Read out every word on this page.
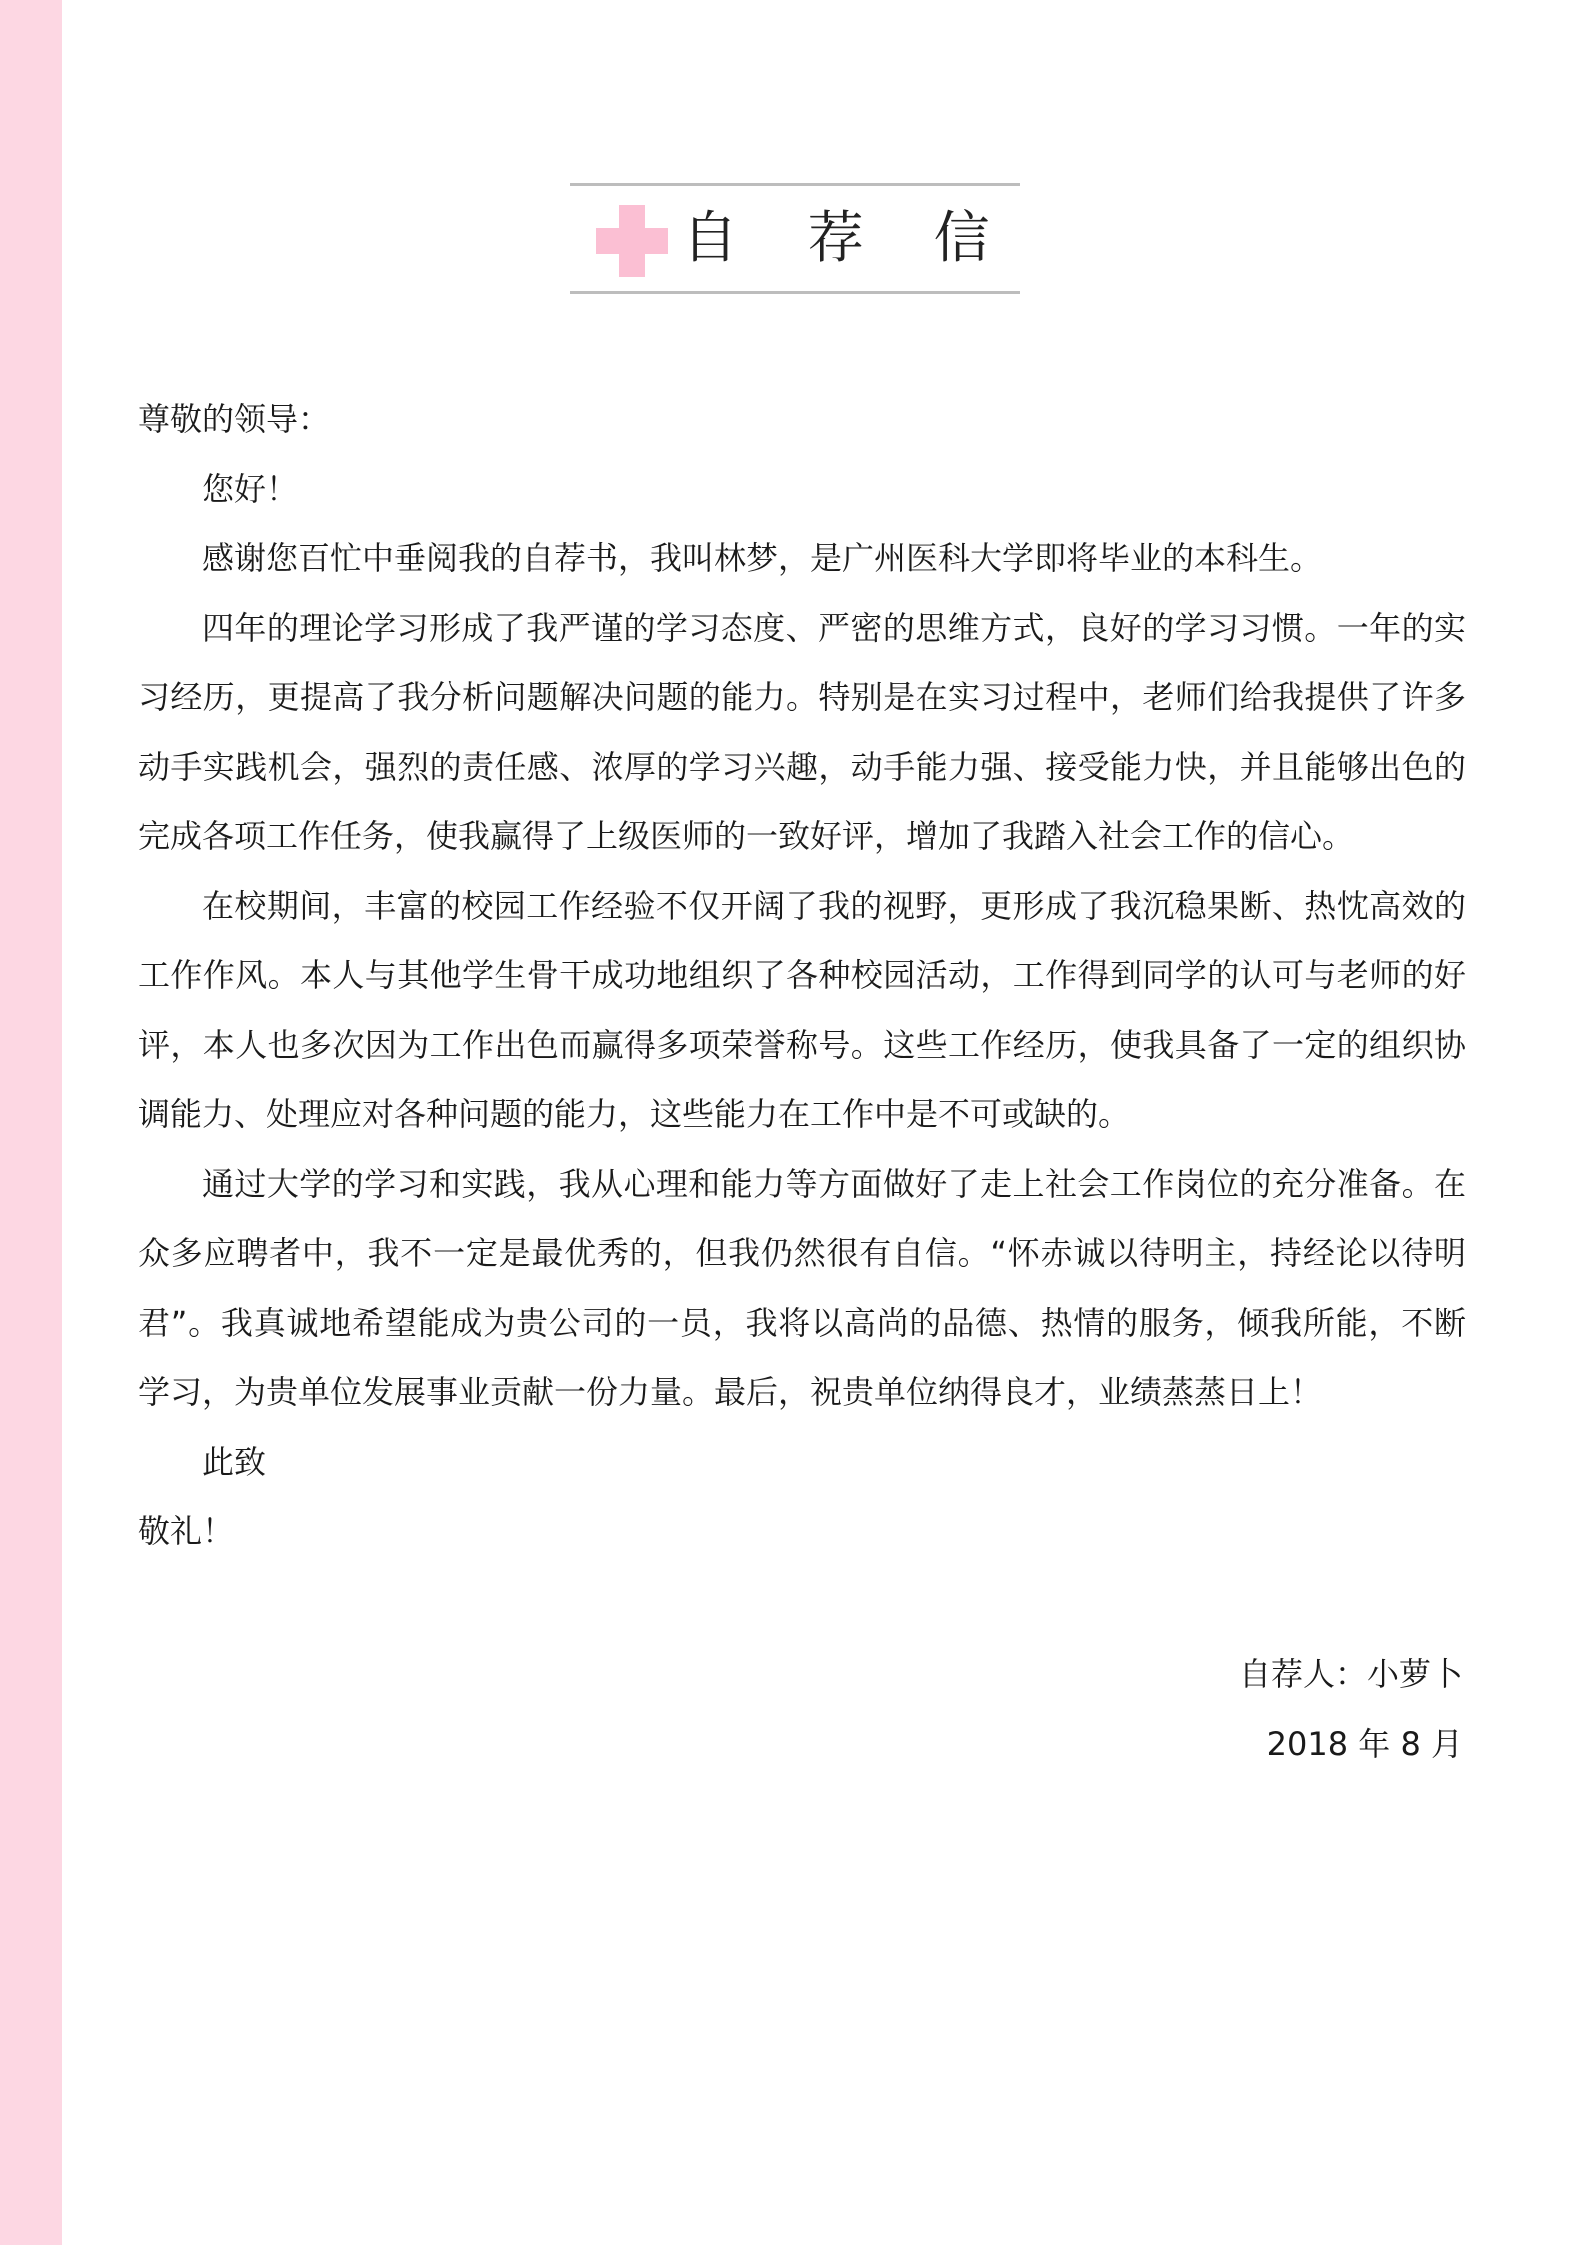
自 荐 信

尊敬的领导：

您好！

感谢您百忙中垂阅我的自荐书，我叫林梦，是广州医科大学即将毕业的本科生。

四年的理论学习形成了我严谨的学习态度、严密的思维方式，良好的学习习惯。一年的实习经历，更提高了我分析问题解决问题的能力。特别是在实习过程中，老师们给我提供了许多动手实践机会，强烈的责任感、浓厚的学习兴趣，动手能力强、接受能力快，并且能够出色的完成各项工作任务，使我赢得了上级医师的一致好评，增加了我踏入社会工作的信心。

在校期间，丰富的校园工作经验不仅开阔了我的视野，更形成了我沉稳果断、热忱高效的工作作风。本人与其他学生骨干成功地组织了各种校园活动，工作得到同学的认可与老师的好评，本人也多次因为工作出色而赢得多项荣誉称号。这些工作经历，使我具备了一定的组织协调能力、处理应对各种问题的能力，这些能力在工作中是不可或缺的。

通过大学的学习和实践，我从心理和能力等方面做好了走上社会工作岗位的充分准备。在众多应聘者中，我不一定是最优秀的，但我仍然很有自信。“怀赤诚以待明主，持经论以待明君”。我真诚地希望能成为贵公司的一员，我将以高尚的品德、热情的服务，倾我所能，不断学习，为贵单位发展事业贡献一份力量。最后，祝贵单位纳得良才，业绩蒸蒸日上！

此致

敬礼！

自荐人：小萝卜
2018 年 8 月
